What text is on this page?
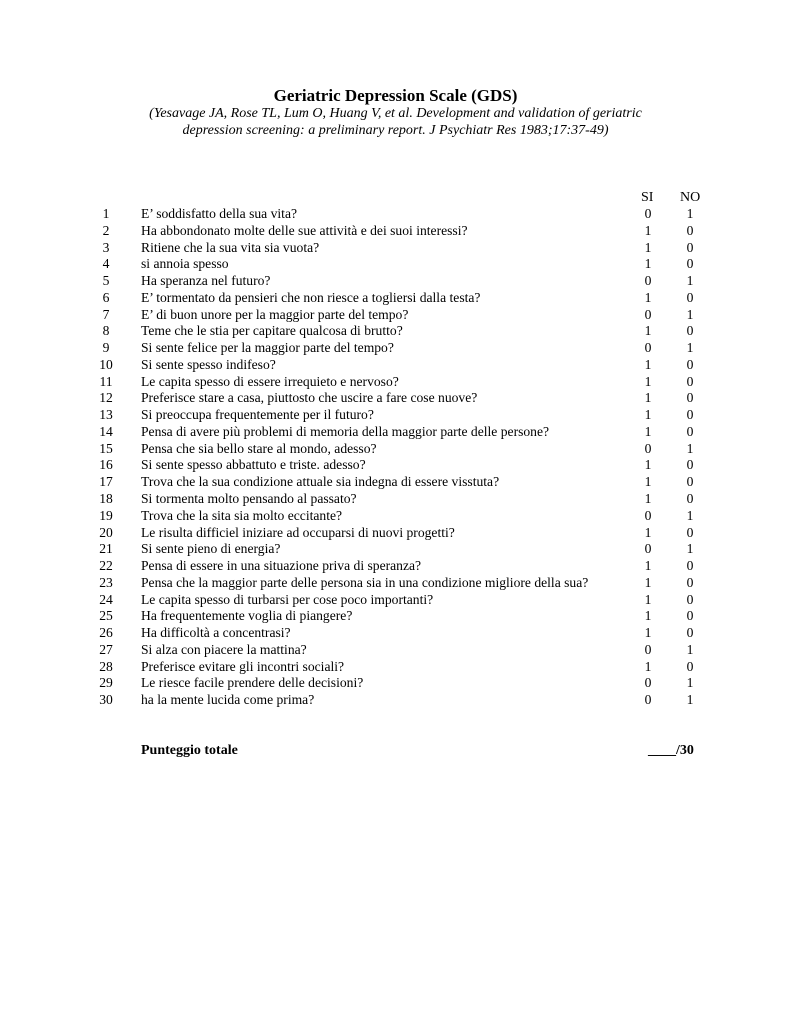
Geriatric Depression Scale (GDS)
(Yesavage JA, Rose TL, Lum O, Huang V, et al. Development and validation of geriatric
depression screening: a preliminary report. J Psychiatr Res 1983;17:37-49)
SI NO
1	E’ soddisfatto della sua vita?	0	1
2	Ha abbondonato molte delle sue attività e dei suoi interessi?	1	0
3	Ritiene che la sua vita sia vuota?	1	0
4	si annoia spesso	1	0
5	Ha speranza nel futuro?	0	1
6	E’ tormentato da pensieri che non riesce a togliersi dalla testa?	1	0
7	E’ di buon unore per la maggior parte del tempo?	0	1
8	Teme che le stia per capitare qualcosa di brutto?	1	0
9	Si sente felice per la maggior parte del tempo?	0	1
10	Si sente spesso indifeso?	1	0
11	Le capita spesso di essere irrequieto e nervoso?	1	0
12	Preferisce stare a casa, piuttosto che uscire a fare cose nuove?	1	0
13	Si preoccupa frequentemente per il futuro?	1	0
14	Pensa di avere più problemi di memoria della maggior parte delle persone?	1	0
15	Pensa che sia bello stare al mondo, adesso?	0	1
16	Si sente spesso abbattuto e triste. adesso?	1	0
17	Trova che la sua condizione attuale sia indegna di essere visstuta?	1	0
18	Si tormenta molto pensando al passato?	1	0
19	Trova che la sita sia molto eccitante?	0	1
20	Le risulta difficiel iniziare ad occuparsi di nuovi progetti?	1	0
21	Si sente pieno di energia?	0	1
22	Pensa di essere in una situazione priva di speranza?	1	0
23	Pensa che la maggior parte delle persona sia in una condizione migliore della sua?	1	0
24	Le capita spesso di turbarsi per cose poco importanti?	1	0
25	Ha frequentemente voglia di piangere?	1	0
26	Ha difficoltà a concentrasi?	1	0
27	Si alza con piacere la mattina?	0	1
28	Preferisce evitare gli incontri sociali?	1	0
29	Le riesce facile prendere delle decisioni?	0	1
30	ha la mente lucida come prima?	0	1
Punteggio totale	____/30
